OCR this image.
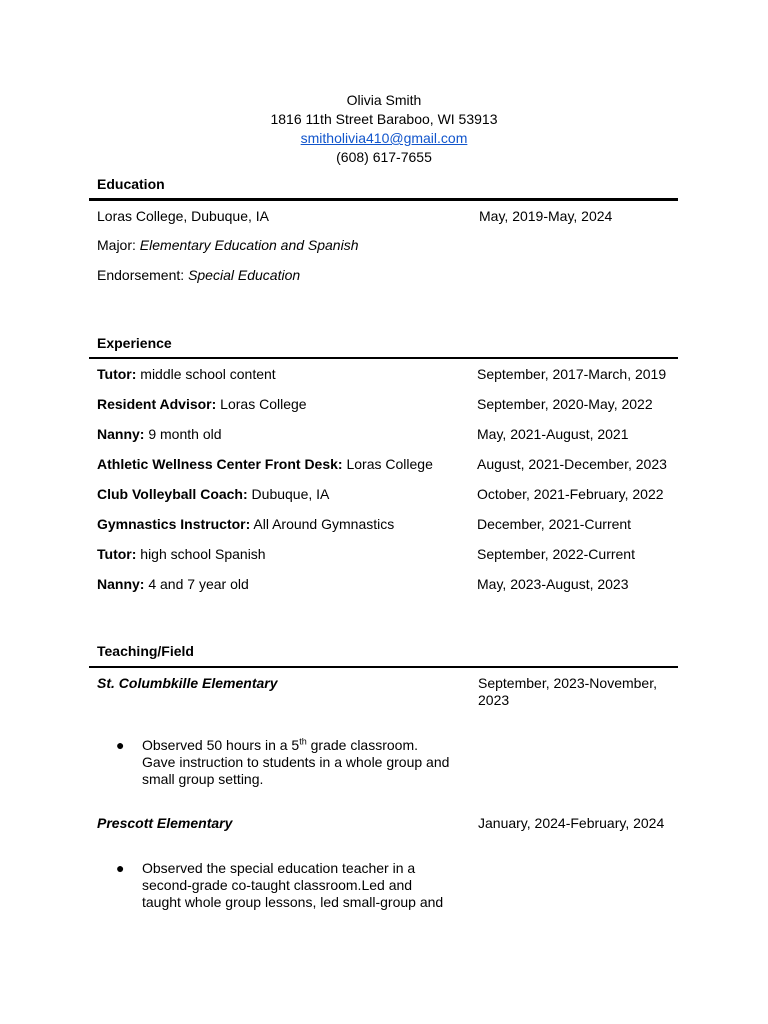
Olivia Smith
1816 11th Street Baraboo, WI 53913
smitholivia410@gmail.com
(608) 617-7655
Education
Loras College, Dubuque, IA	May, 2019-May, 2024
Major: Elementary Education and Spanish
Endorsement: Special Education
Experience
Tutor: middle school content	September, 2017-March, 2019
Resident Advisor: Loras College	September, 2020-May, 2022
Nanny: 9 month old	May, 2021-August, 2021
Athletic Wellness Center Front Desk: Loras College	August, 2021-December, 2023
Club Volleyball Coach: Dubuque, IA	October, 2021-February, 2022
Gymnastics Instructor: All Around Gymnastics	December, 2021-Current
Tutor: high school Spanish	September, 2022-Current
Nanny: 4 and 7 year old	May, 2023-August, 2023
Teaching/Field
St. Columbkille Elementary	September, 2023-November, 2023
● Observed 50 hours in a 5th grade classroom. Gave instruction to students in a whole group and small group setting.
Prescott Elementary	January, 2024-February, 2024
● Observed the special education teacher in a second-grade co-taught classroom.Led and taught whole group lessons, led small-group and
